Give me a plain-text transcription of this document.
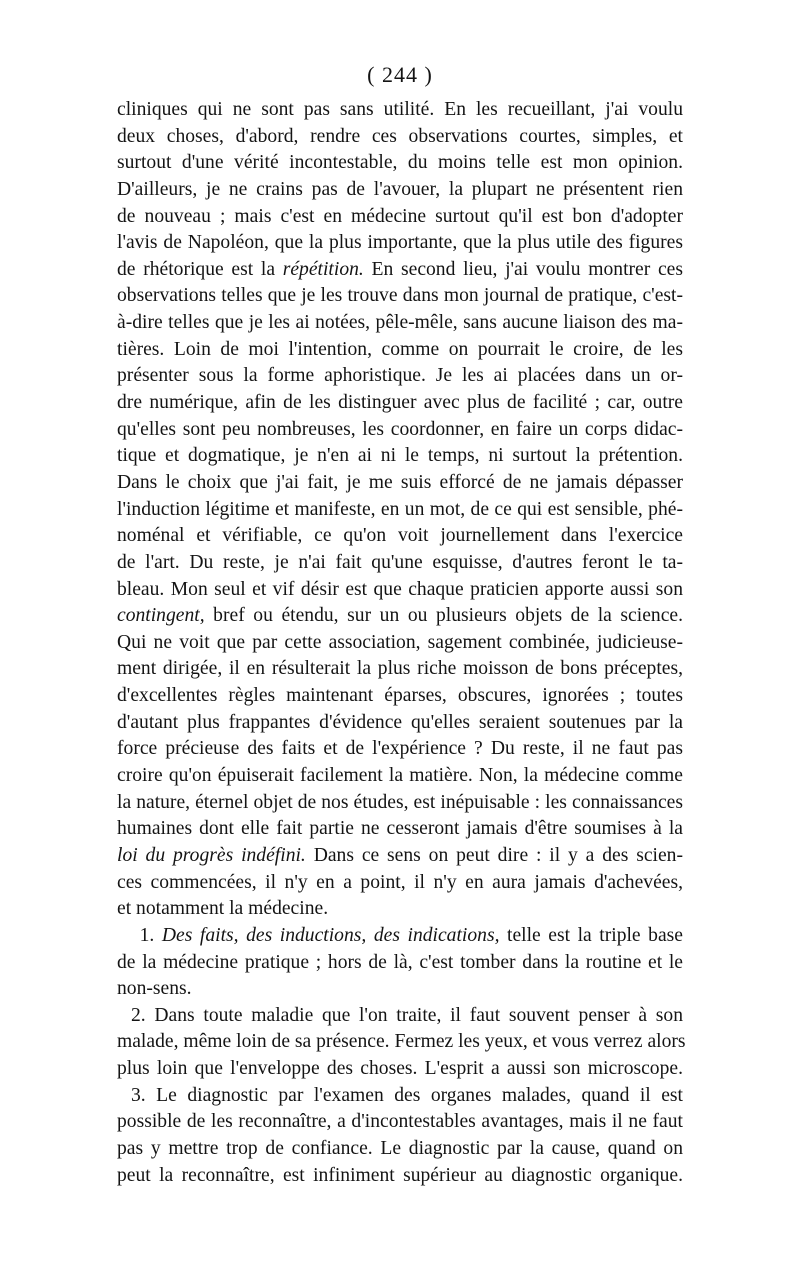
( 244 )
cliniques qui ne sont pas sans utilité. En les recueillant, j'ai voulu
deux choses, d'abord, rendre ces observations courtes, simples, et
surtout d'une vérité incontestable, du moins telle est mon opinion.
D'ailleurs, je ne crains pas de l'avouer, la plupart ne présentent rien
de nouveau ; mais c'est en médecine surtout qu'il est bon d'adopter
l'avis de Napoléon, que la plus importante, que la plus utile des figures
de rhétorique est la répétition. En second lieu, j'ai voulu montrer ces
observations telles que je les trouve dans mon journal de pratique, c'est-
à-dire telles que je les ai notées, pêle-mêle, sans aucune liaison des ma-
tières. Loin de moi l'intention, comme on pourrait le croire, de les
présenter sous la forme aphoristique. Je les ai placées dans un or-
dre numérique, afin de les distinguer avec plus de facilité ; car, outre
qu'elles sont peu nombreuses, les coordonner, en faire un corps didac-
tique et dogmatique, je n'en ai ni le temps, ni surtout la prétention.
Dans le choix que j'ai fait, je me suis efforcé de ne jamais dépasser
l'induction légitime et manifeste, en un mot, de ce qui est sensible, phé-
noménal et vérifiable, ce qu'on voit journellement dans l'exercice
de l'art. Du reste, je n'ai fait qu'une esquisse, d'autres feront le ta-
bleau. Mon seul et vif désir est que chaque praticien apporte aussi son
contingent, bref ou étendu, sur un ou plusieurs objets de la science.
Qui ne voit que par cette association, sagement combinée, judicieuse-
ment dirigée, il en résulterait la plus riche moisson de bons préceptes,
d'excellentes règles maintenant éparses, obscures, ignorées ; toutes
d'autant plus frappantes d'évidence qu'elles seraient soutenues par la
force précieuse des faits et de l'expérience ? Du reste, il ne faut pas
croire qu'on épuiserait facilement la matière. Non, la médecine comme
la nature, éternel objet de nos études, est inépuisable : les connaissances
humaines dont elle fait partie ne cesseront jamais d'être soumises à la
loi du progrès indéfini. Dans ce sens on peut dire : il y a des scien-
ces commencées, il n'y en a point, il n'y en aura jamais d'achevées,
et notamment la médecine.
1. Des faits, des inductions, des indications, telle est la triple base
de la médecine pratique ; hors de là, c'est tomber dans la routine et le
non-sens.
2. Dans toute maladie que l'on traite, il faut souvent penser à son
malade, même loin de sa présence. Fermez les yeux, et vous verrez alors
plus loin que l'enveloppe des choses. L'esprit a aussi son microscope.
3. Le diagnostic par l'examen des organes malades, quand il est
possible de les reconnaître, a d'incontestables avantages, mais il ne faut
pas y mettre trop de confiance. Le diagnostic par la cause, quand on
peut la reconnaître, est infiniment supérieur au diagnostic organique.
